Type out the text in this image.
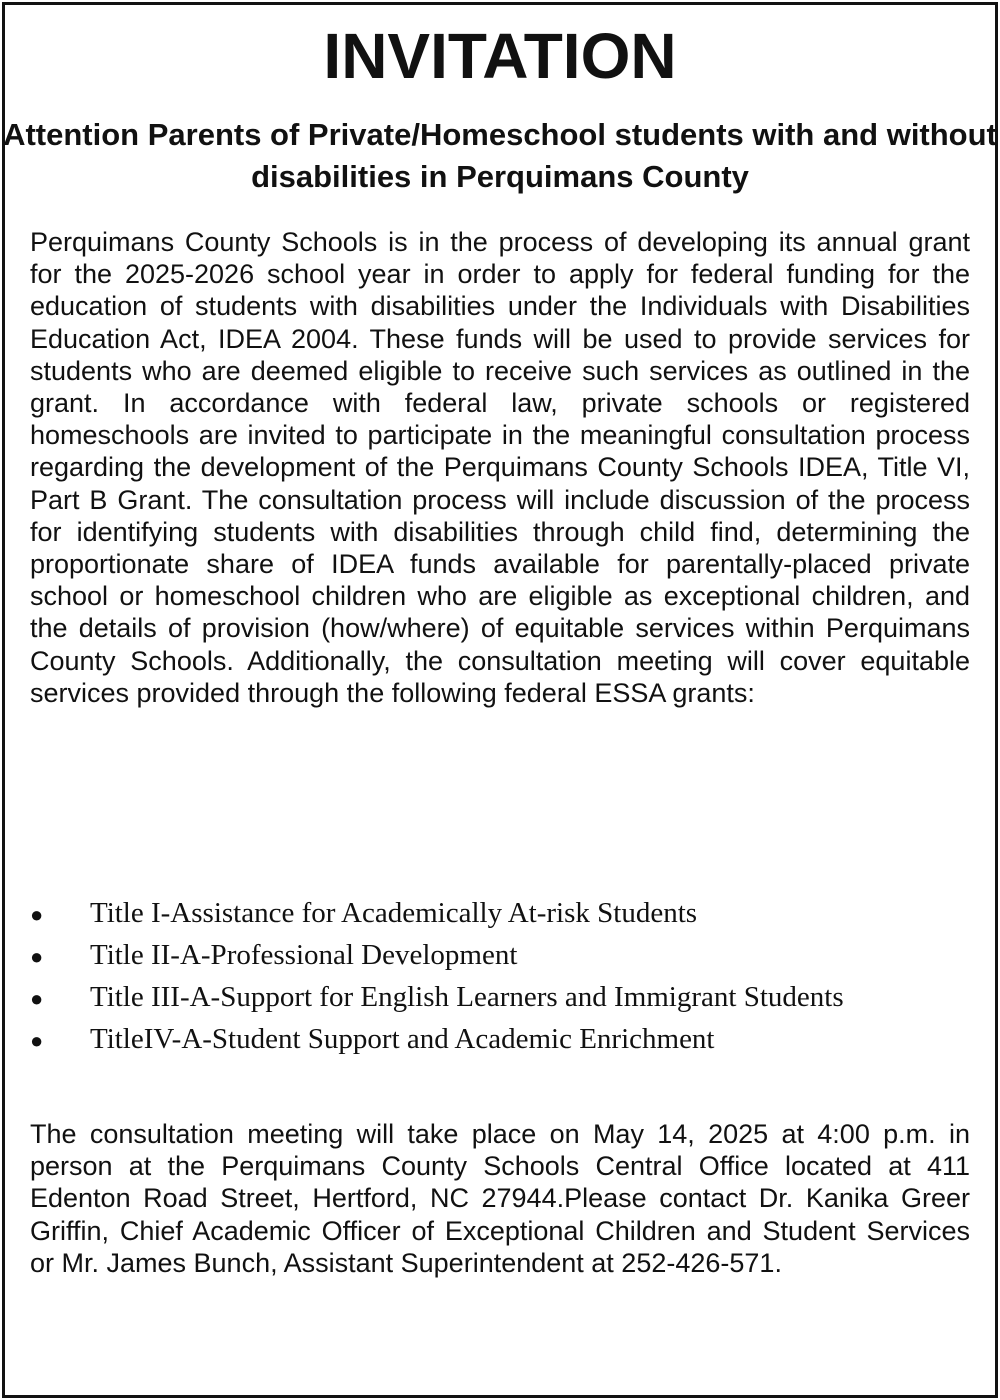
INVITATION
Attention Parents of Private/Homeschool students with and without disabilities in Perquimans County

Perquimans County Schools is in the process of developing its annual grant for the 2025-2026 school year in order to apply for federal funding for the education of students with disabilities under the Individuals with Disabilities Education Act, IDEA 2004. These funds will be used to provide services for students who are deemed eligible to receive such services as outlined in the grant. In accordance with federal law, private schools or registered homeschools are invited to participate in the meaningful consultation process regarding the development of the Perquimans County Schools IDEA, Title VI, Part B Grant. The consultation process will include discussion of the process for identifying students with disabilities through child find, determining the proportionate share of IDEA funds available for parentally-placed private school or homeschool children who are eligible as exceptional children, and the details of provision (how/where) of equitable services within Perquimans County Schools. Additionally, the consultation meeting will cover equitable services provided through the following federal ESSA grants:

●	Title I-Assistance for Academically At-risk Students
●	Title II-A-Professional Development
●	Title III-A-Support for English Learners and Immigrant Students
●	TitleIV-A-Student Support and Academic Enrichment

The consultation meeting will take place on May 14, 2025 at 4:00 p.m. in person at the Perquimans County Schools Central Office located at 411 Edenton Road Street, Hertford, NC 27944.Please contact Dr. Kanika Greer Griffin, Chief Academic Officer of Exceptional Children and Student Services or Mr. James Bunch, Assistant Superintendent at 252-426-571.
